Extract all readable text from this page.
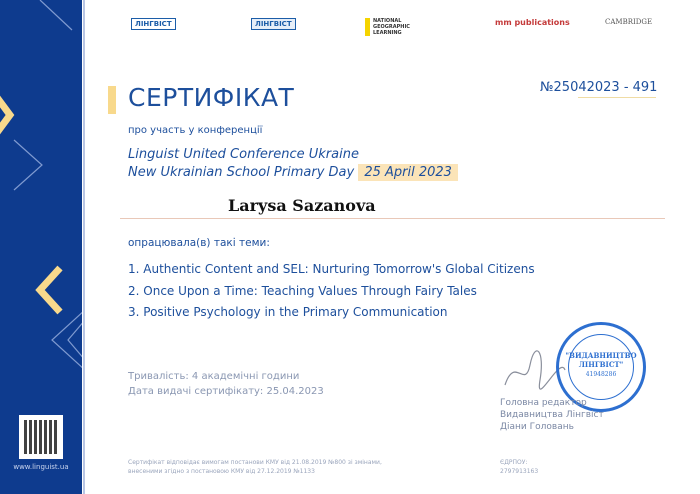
www.linguist.ua
ЛІНГВІСТ	ЛІНГВІСТ	NATIONAL GEOGRAPHIC LEARNING
mm publications	CAMBRIDGE
СЕРТИФІКАТ	№25042023 - 491
про участь у конференції
Linguist United Conference Ukraine
New Ukrainian School Primary Day 25 April 2023
Larysa Sazanova
опрацювала(в) такі теми:
1. Authentic Content and SEL: Nurturing Tomorrow's Global Citizens
2. Once Upon a Time: Teaching Values Through Fairy Tales
3. Positive Psychology in the Primary Communication
Тривалість: 4 академічні години
Дата видачі сертифікату: 25.04.2023
"ВИДАВНИЦТВО
ЛІНГВІСТ"
41948286
Головна редактор
Видавництва Лінгвіст
Діани Головань
Сертифікат відповідає вимогам постанови КМУ від 21.08.2019 №800 зі змінами,
внесеними згідно з постановою КМУ від 27.12.2019 №1133
ЄДРПОУ:
2797913163
